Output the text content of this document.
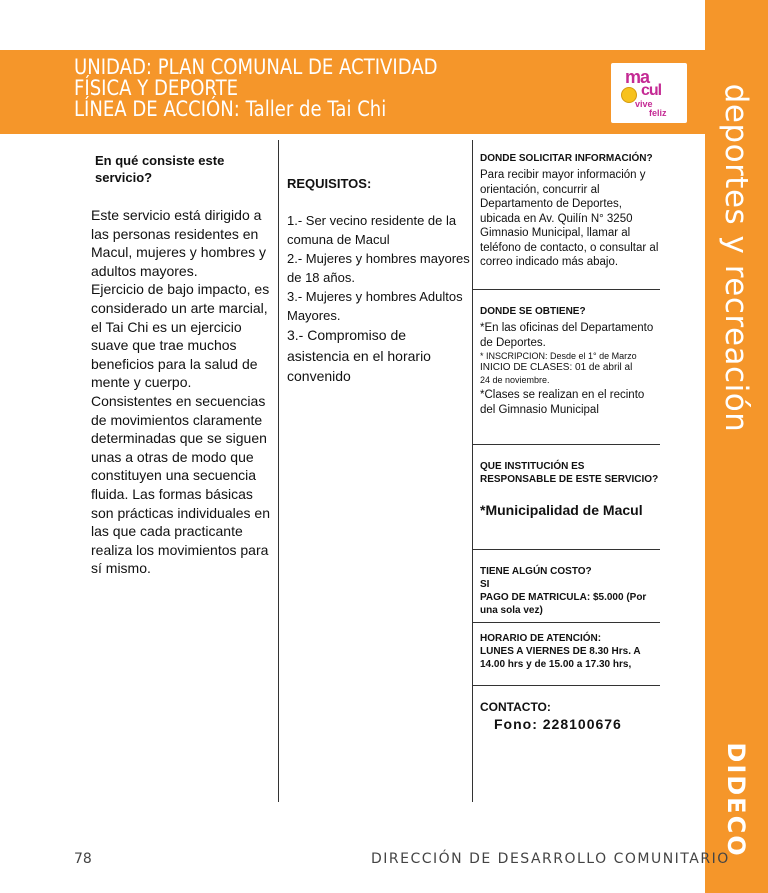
deportes y recreación
DIDECO
UNIDAD: PLAN COMUNAL DE ACTIVIDAD
FÍSICA Y DEPORTE
LÍNEA DE ACCIÓN: Taller de Tai Chi
ma
cul
vive
feliz
En qué consiste este servicio?
Este servicio está dirigido a las personas residentes en Macul, mujeres y hombres y adultos mayores.
Ejercicio de bajo impacto, es considerado un arte marcial, el Tai Chi es un ejercicio suave que trae muchos beneficios para la salud de mente y cuerpo. Consistentes en secuencias de movimientos claramente determinadas que se siguen unas a otras de modo que constituyen una secuencia fluida. Las formas básicas son prácticas individuales en las que cada practicante realiza los movimientos para sí mismo.
REQUISITOS:
1.- Ser vecino residente de la comuna de Macul
2.- Mujeres y hombres mayores de 18 años.
3.- Mujeres y hombres Adultos Mayores.
3.- Compromiso de asistencia en el horario convenido
DONDE SOLICITAR INFORMACIÓN?
Para recibir mayor información y orientación, concurrir al Departamento de Deportes, ubicada en Av. Quilín N° 3250 Gimnasio Municipal, llamar al teléfono de contacto, o consultar al correo indicado más abajo.
DONDE SE OBTIENE?
*En las oficinas del Departamento de Deportes.
* INSCRIPCION: Desde el 1° de Marzo
INICIO DE CLASES: 01 de abril al
24 de noviembre.
*Clases se realizan en el recinto del Gimnasio Municipal
QUE INSTITUCIÓN ES RESPONSABLE DE ESTE SERVICIO?
*Municipalidad de Macul
TIENE ALGÚN COSTO?
SI
PAGO DE MATRICULA: $5.000 (Por una sola vez)
HORARIO DE ATENCIÓN:
LUNES A VIERNES DE 8.30 Hrs. A 14.00 hrs y de 15.00 a 17.30 hrs,
CONTACTO:
Fono: 228100676
78	DIRECCIÓN DE DESARROLLO COMUNITARIO
